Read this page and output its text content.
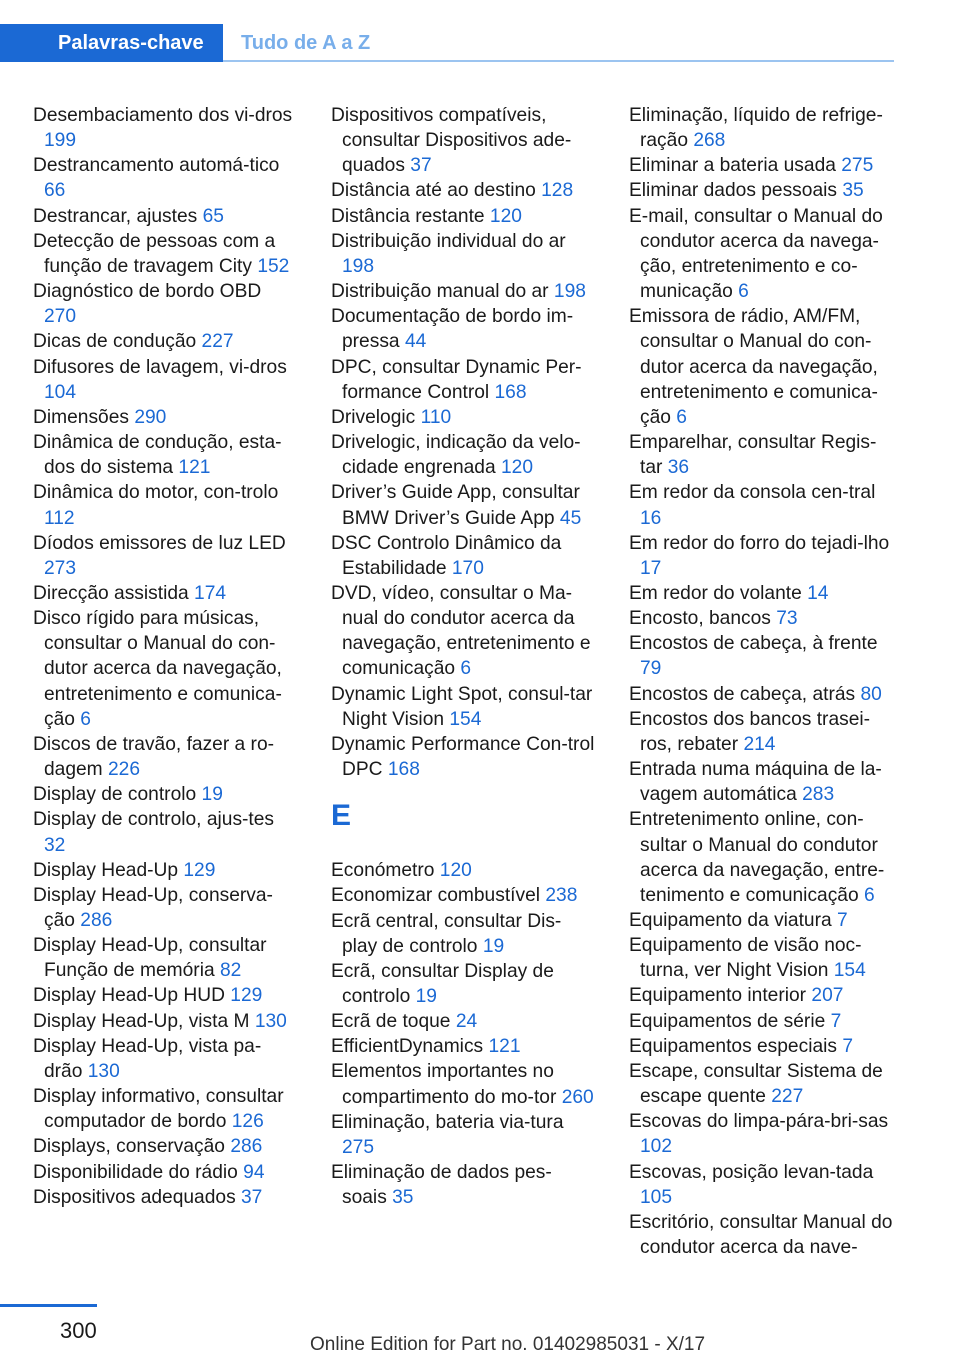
Palavras-chave	Tudo de A a Z
Desembaciamento dos vi-dros 199
Destrancamento automá-tico 66
Destrancar, ajustes 65
Detecção de pessoas com a função de travagem City 152
Diagnóstico de bordo OBD 270
Dicas de condução 227
Difusores de lavagem, vi-dros 104
Dimensões 290
Dinâmica de condução, esta-dos do sistema 121
Dinâmica do motor, con-trolo 112
Díodos emissores de luz LED 273
Direcção assistida 174
Disco rígido para músicas, consultar o Manual do con-dutor acerca da navegação, entretenimento e comunica-ção 6
Discos de travão, fazer a ro-dagem 226
Display de controlo 19
Display de controlo, ajus-tes 32
Display Head-Up 129
Display Head-Up, conserva-ção 286
Display Head-Up, consultar Função de memória 82
Display Head-Up HUD 129
Display Head-Up, vista M 130
Display Head-Up, vista pa-drão 130
Display informativo, consultar computador de bordo 126
Displays, conservação 286
Disponibilidade do rádio 94
Dispositivos adequados 37
Dispositivos compatíveis, consultar Dispositivos ade-quados 37
Distância até ao destino 128
Distância restante 120
Distribuição individual do ar 198
Distribuição manual do ar 198
Documentação de bordo im-pressa 44
DPC, consultar Dynamic Per-formance Control 168
Drivelogic 110
Drivelogic, indicação da velo-cidade engrenada 120
Driver’s Guide App, consultar BMW Driver’s Guide App 45
DSC Controlo Dinâmico da Estabilidade 170
DVD, vídeo, consultar o Ma-nual do condutor acerca da navegação, entretenimento e comunicação 6
Dynamic Light Spot, consul-tar Night Vision 154
Dynamic Performance Con-trol DPC 168
E
Económetro 120
Economizar combustível 238
Ecrã central, consultar Dis-play de controlo 19
Ecrã, consultar Display de controlo 19
Ecrã de toque 24
EfficientDynamics 121
Elementos importantes no compartimento do mo-tor 260
Eliminação, bateria via-tura 275
Eliminação de dados pes-soais 35
Eliminação, líquido de refrige-ração 268
Eliminar a bateria usada 275
Eliminar dados pessoais 35
E-mail, consultar o Manual do condutor acerca da navega-ção, entretenimento e co-municação 6
Emissora de rádio, AM/FM, consultar o Manual do con-dutor acerca da navegação, entretenimento e comunica-ção 6
Emparelhar, consultar Regis-tar 36
Em redor da consola cen-tral 16
Em redor do forro do tejadi-lho 17
Em redor do volante 14
Encosto, bancos 73
Encostos de cabeça, à frente 79
Encostos de cabeça, atrás 80
Encostos dos bancos trasei-ros, rebater 214
Entrada numa máquina de la-vagem automática 283
Entretenimento online, con-sultar o Manual do condutor acerca da navegação, entre-tenimento e comunicação 6
Equipamento da viatura 7
Equipamento de visão noc-turna, ver Night Vision 154
Equipamento interior 207
Equipamentos de série 7
Equipamentos especiais 7
Escape, consultar Sistema de escape quente 227
Escovas do limpa-pára-bri-sas 102
Escovas, posição levan-tada 105
Escritório, consultar Manual do condutor acerca da nave-
300
Online Edition for Part no. 01402985031 - X/17
